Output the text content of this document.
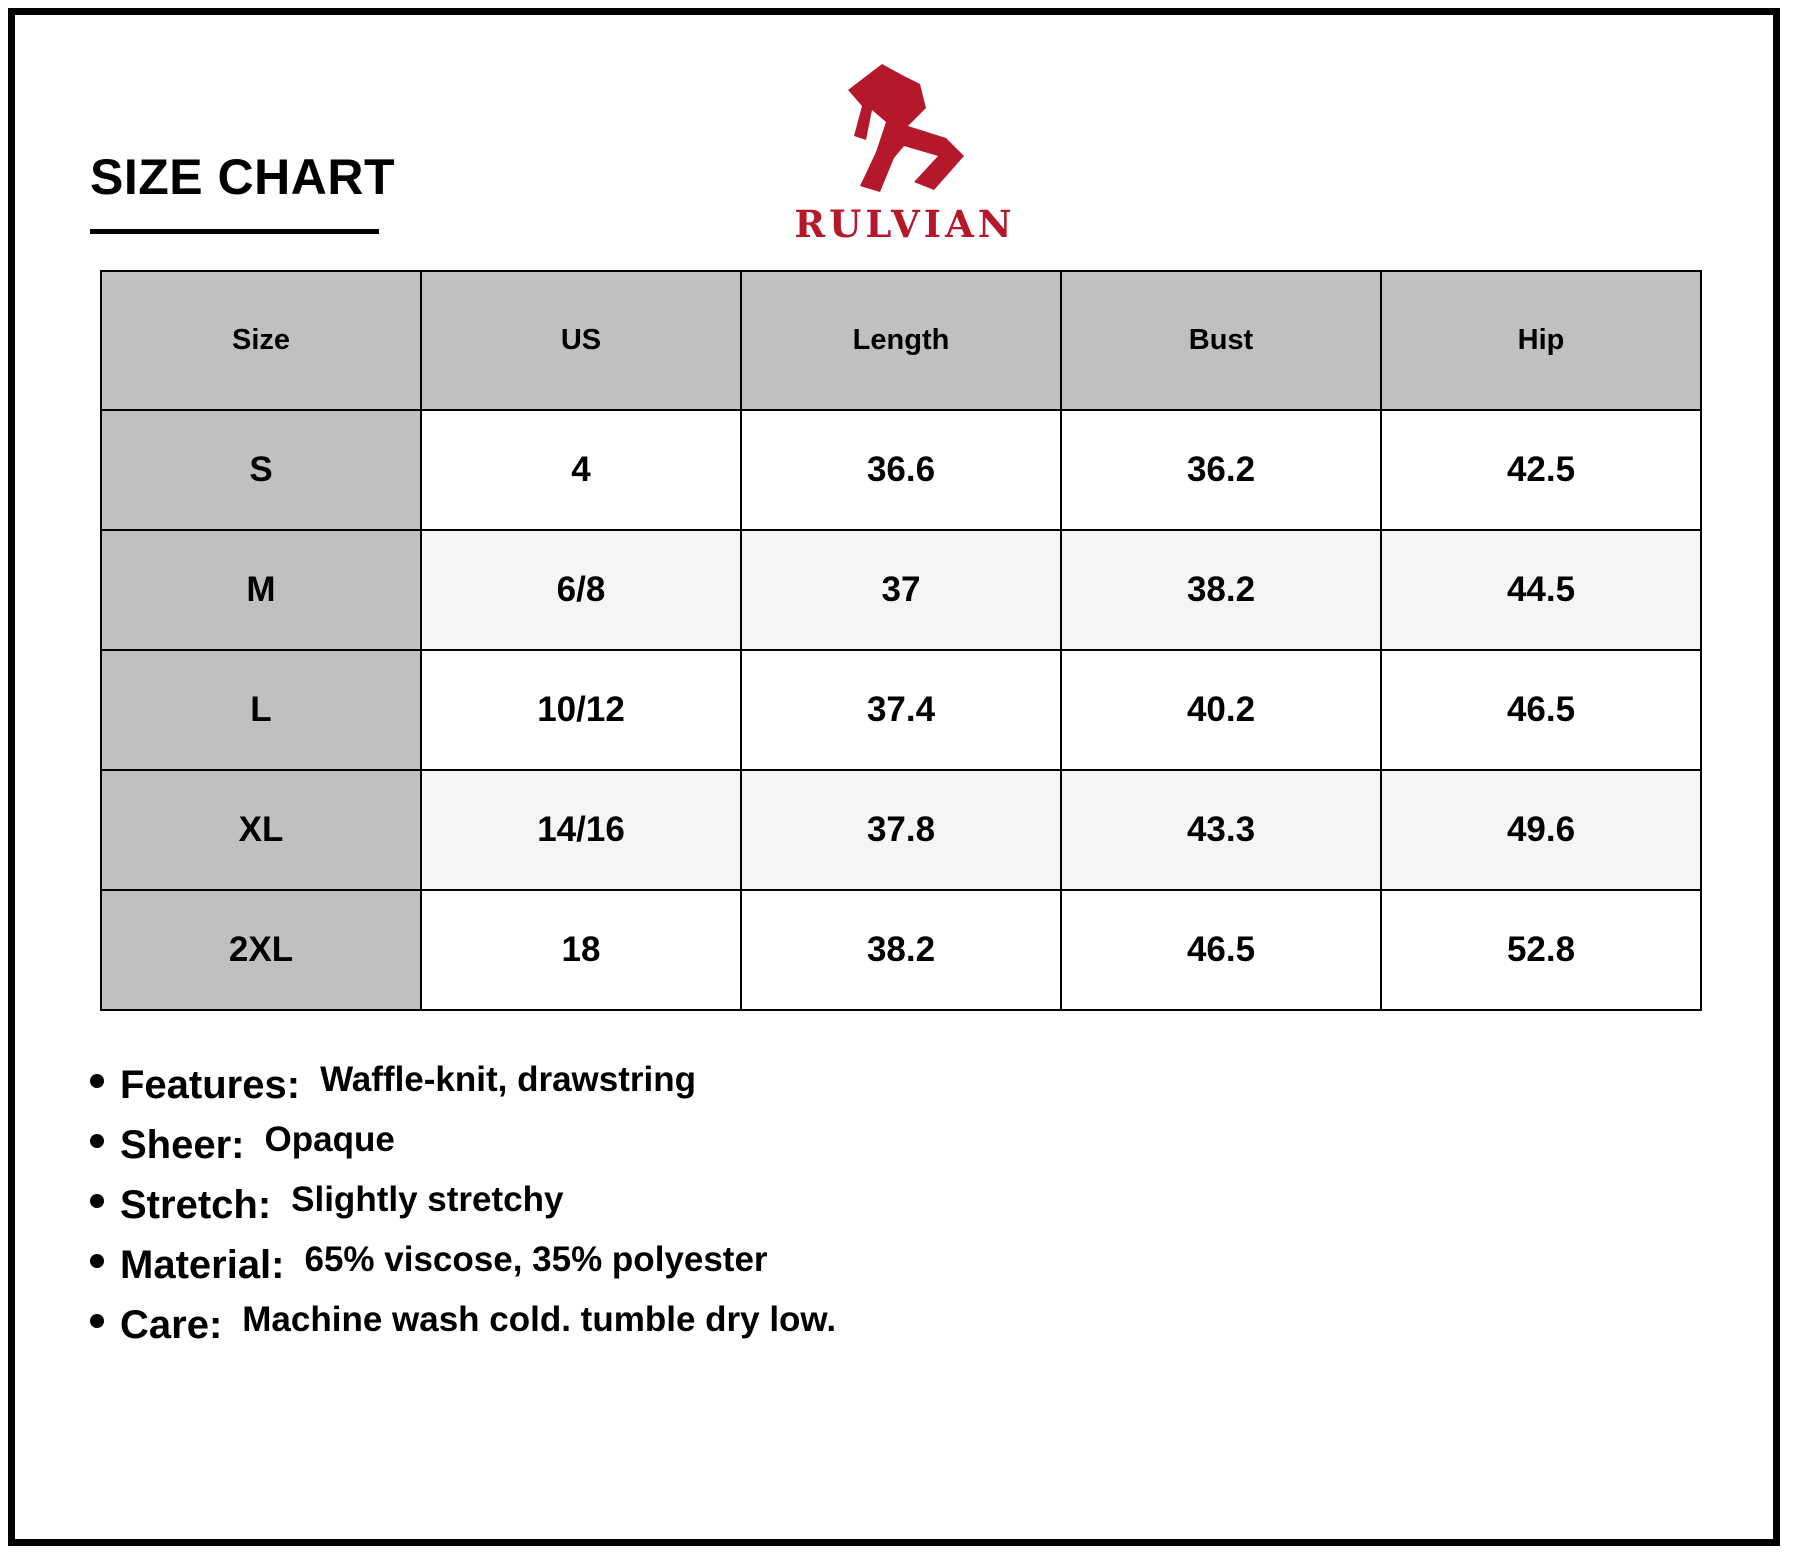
SIZE CHART
RULVIAN
Size	US	Length	Bust	Hip
S	4	36.6	36.2	42.5
M	6/8	37	38.2	44.5
L	10/12	37.4	40.2	46.5
XL	14/16	37.8	43.3	49.6
2XL	18	38.2	46.5	52.8
Features: Waffle-knit, drawstring
Sheer: Opaque
Stretch: Slightly stretchy
Material: 65% viscose, 35% polyester
Care: Machine wash cold. tumble dry low.
